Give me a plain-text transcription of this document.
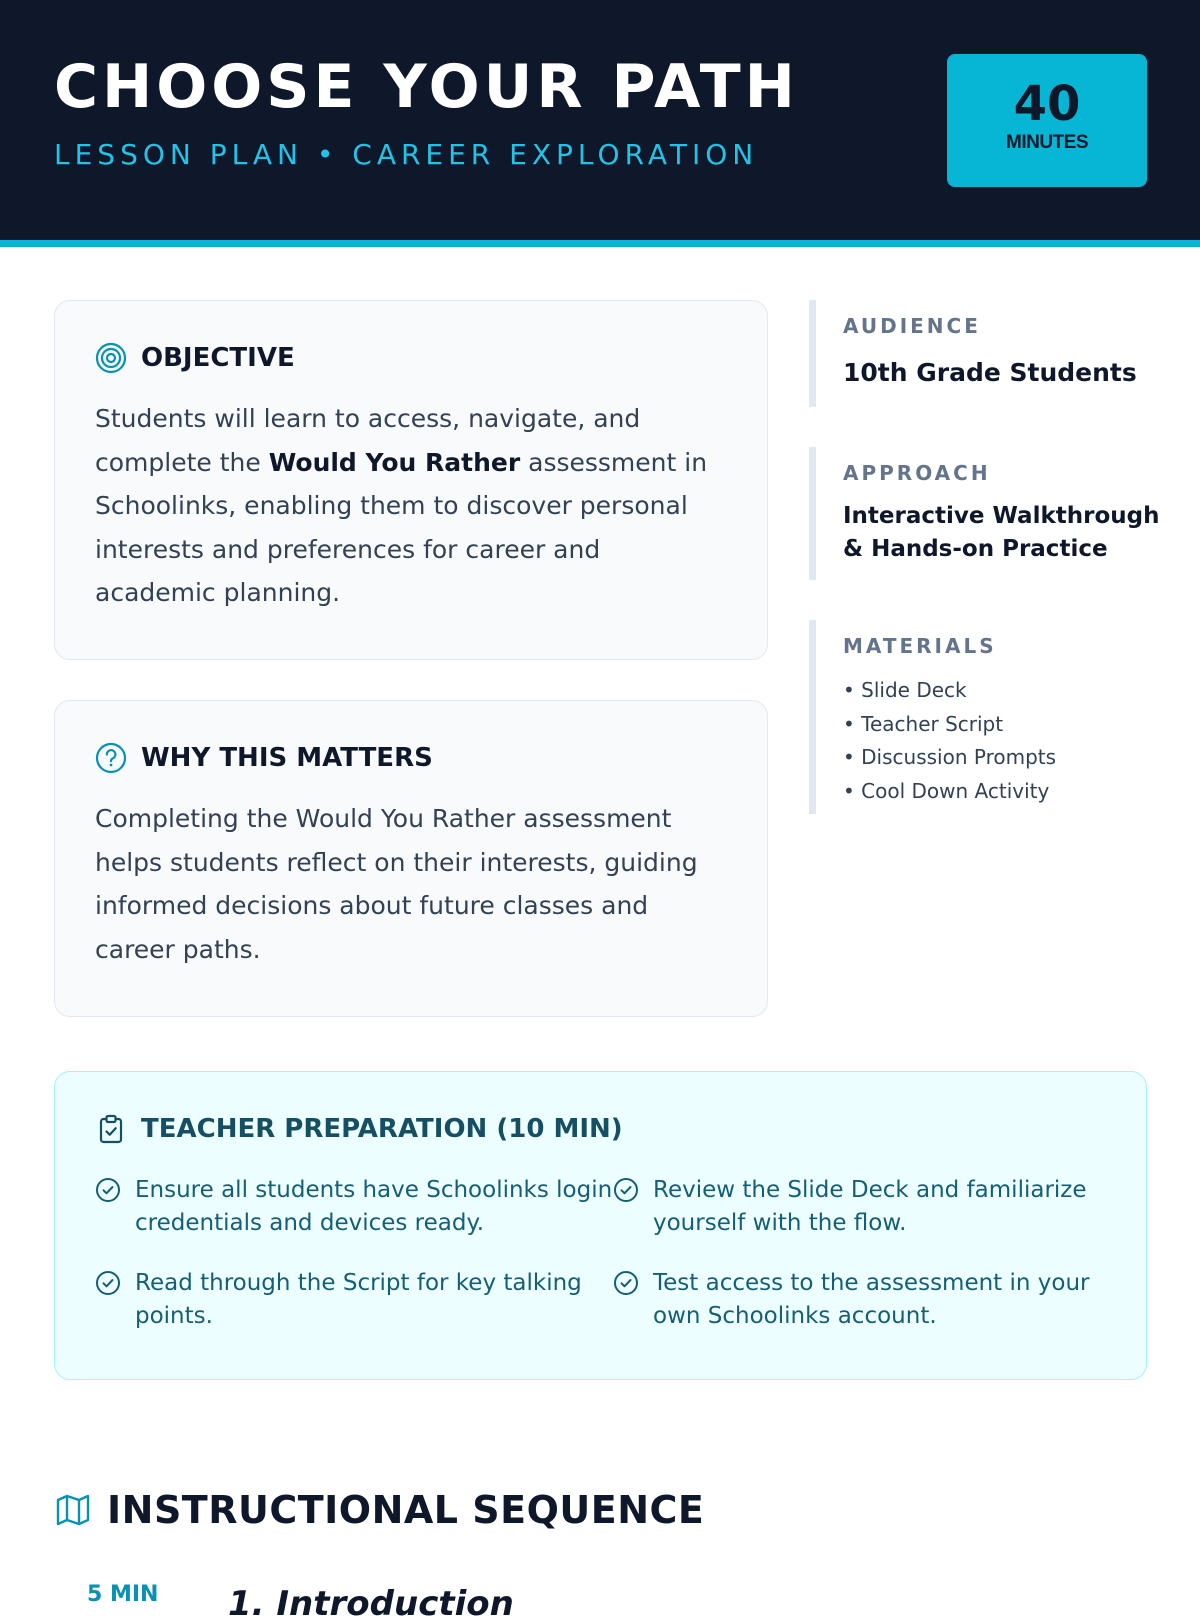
CHOOSE YOUR PATH
LESSON PLAN • CAREER EXPLORATION
40
MINUTES
OBJECTIVE

Students will learn to access, navigate, and complete the Would You Rather assessment in Schoolinks, enabling them to discover personal interests and preferences for career and academic planning.

WHY THIS MATTERS

Completing the Would You Rather assessment helps students reflect on their interests, guiding informed decisions about future classes and career paths.

AUDIENCE
10th Grade Students
APPROACH
Interactive Walkthrough & Hands-on Practice
MATERIALS
• Slide Deck
• Teacher Script
• Discussion Prompts
• Cool Down Activity
TEACHER PREPARATION (10 MIN)
Ensure all students have Schoolinks login credentials and devices ready.
Review the Slide Deck and familiarize yourself with the flow.
Read through the Script for key talking points.
Test access to the assessment in your own Schoolinks account.
INSTRUCTIONAL SEQUENCE
5 MIN 1. Introduction
